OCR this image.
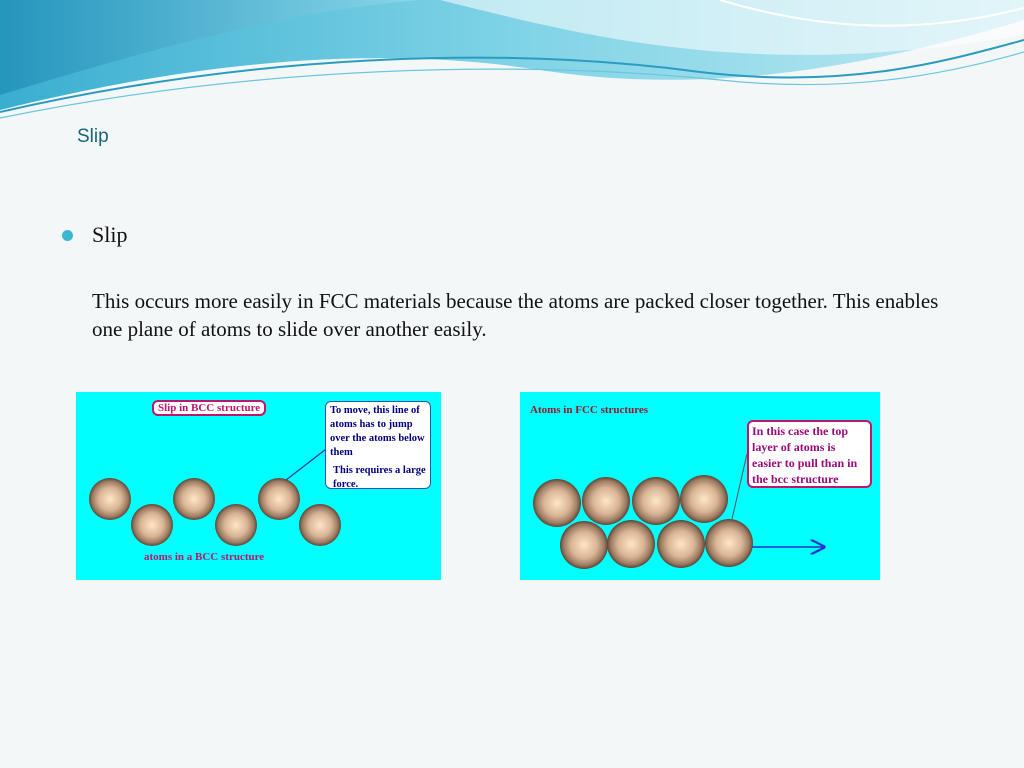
Slip
Slip
This occurs more easily in FCC materials because the atoms are packed closer together. This enables one plane of atoms to slide over another easily.
Slip in BCC structure	To move, this line of atoms has to jump over the atoms below them
This requires a large force.
atoms in a BCC structure
Atoms in FCC structures
In this case the top layer of atoms is easier to pull than in the bcc structure
